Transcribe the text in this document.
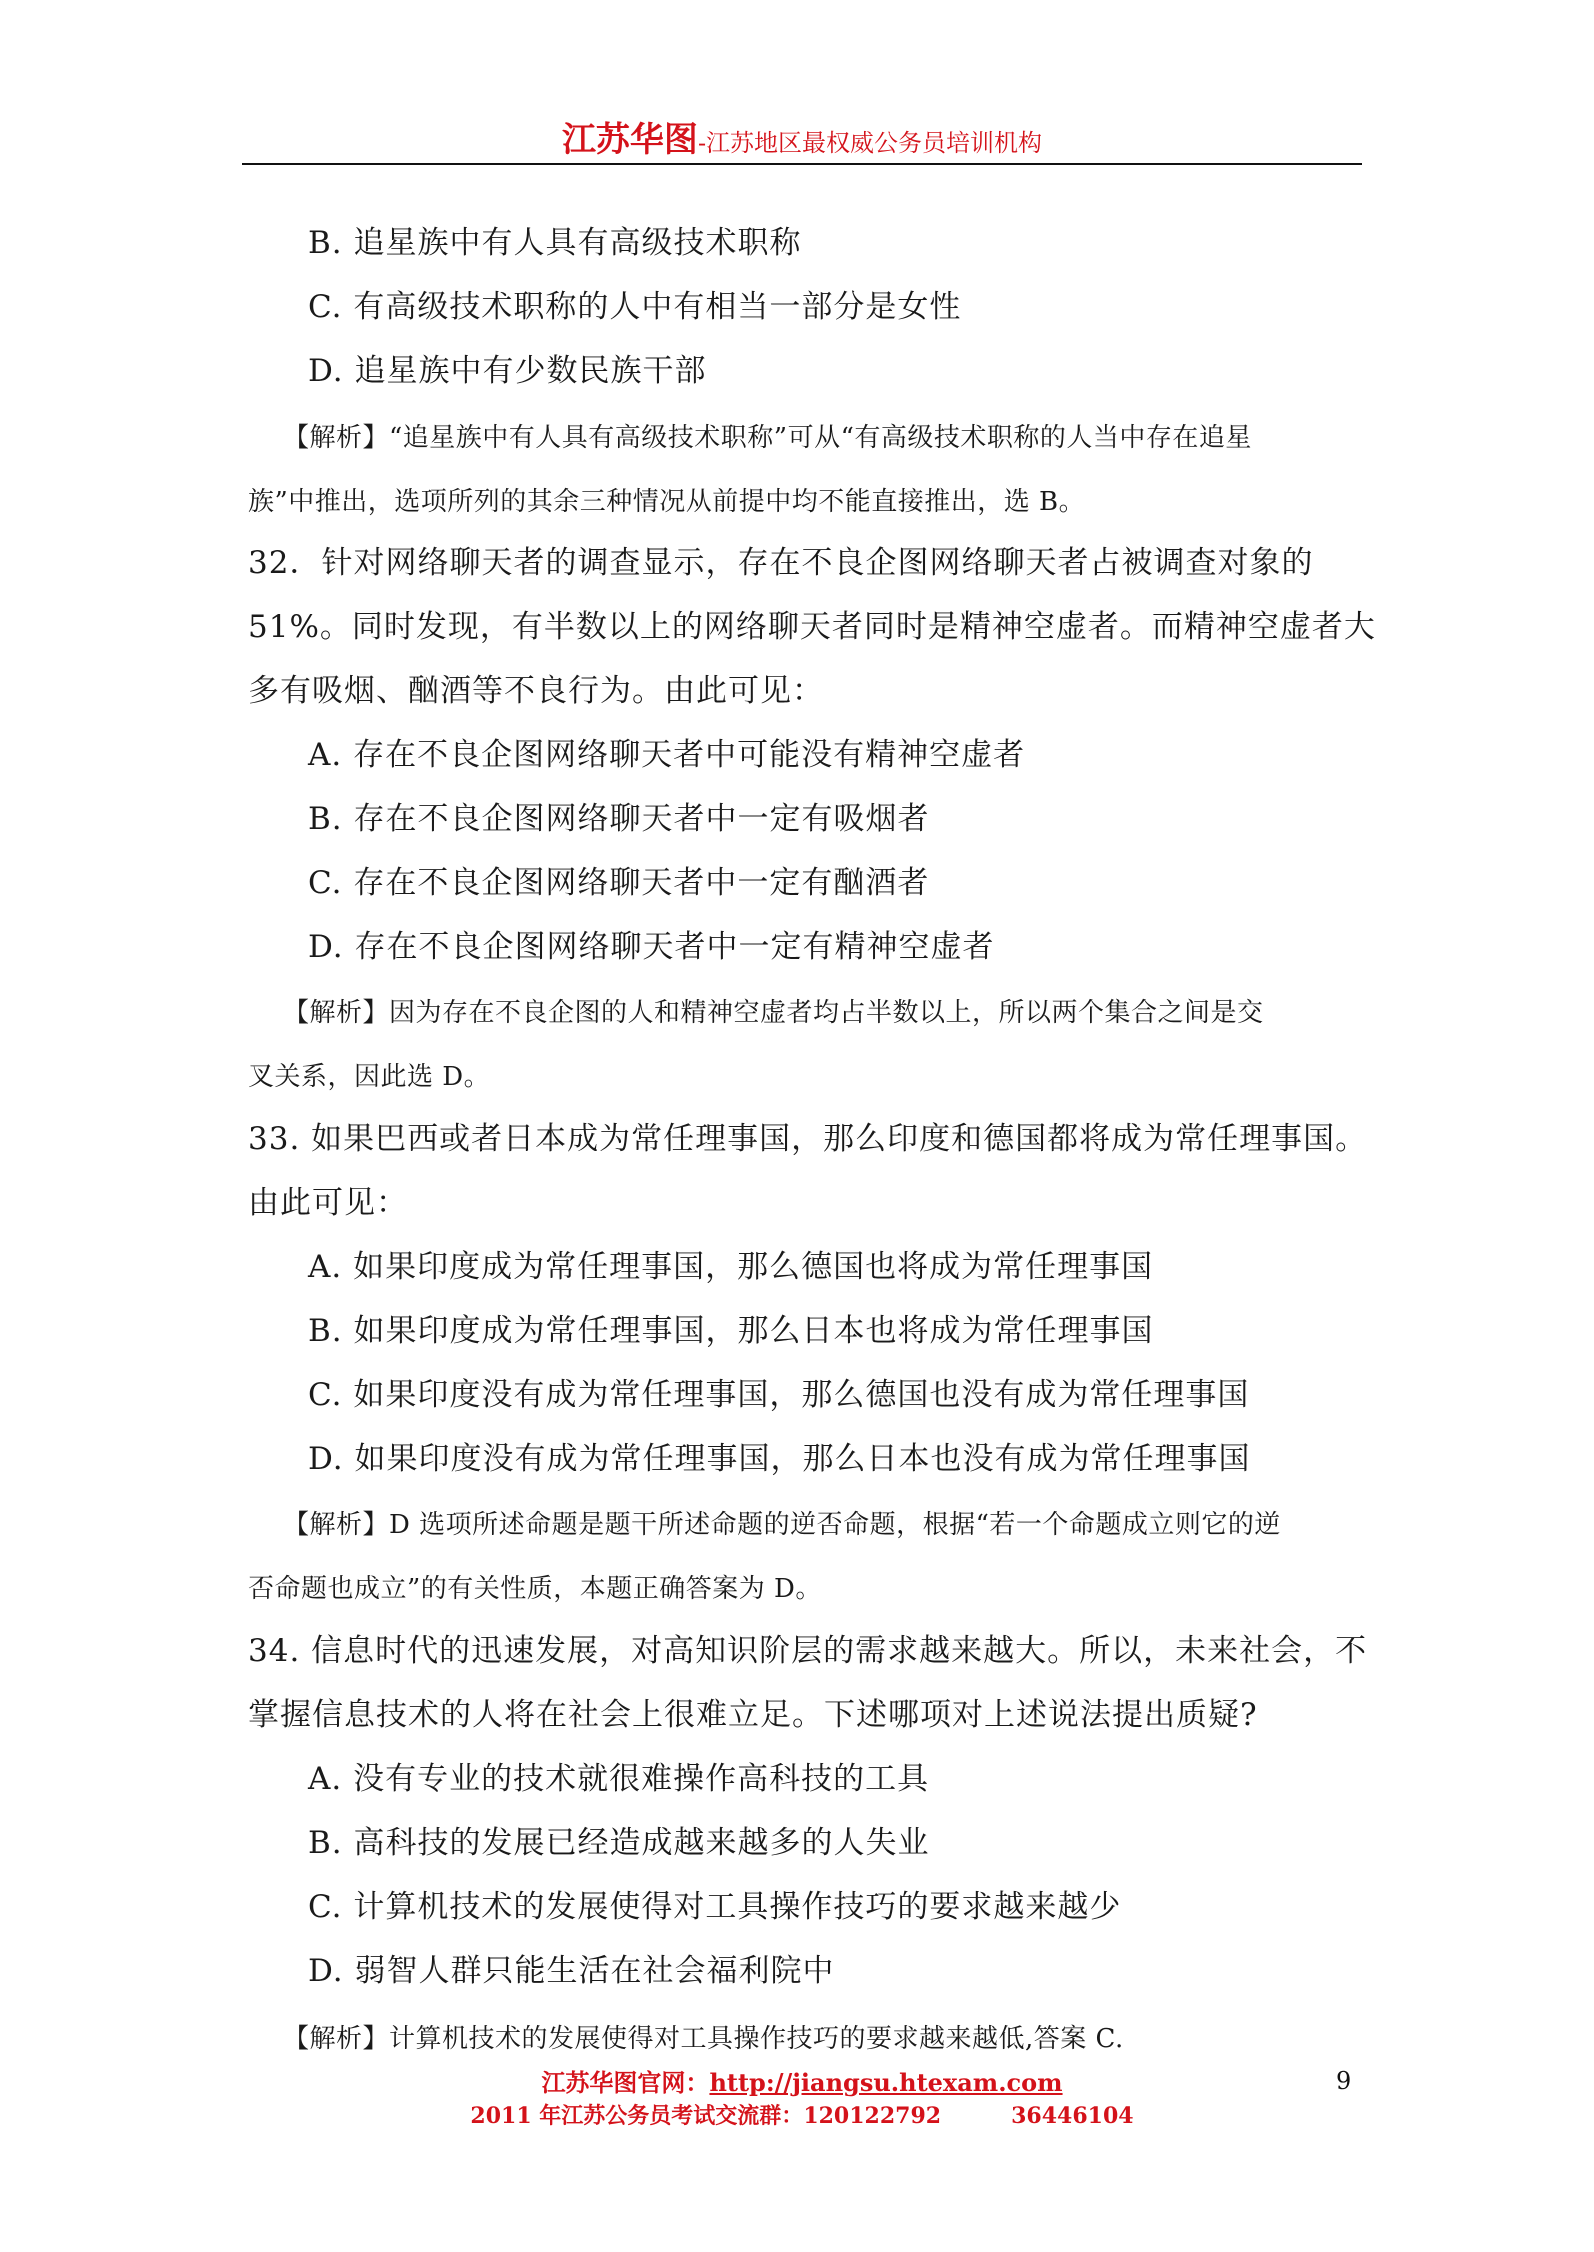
江苏华图-江苏地区最权威公务员培训机构
B. 追星族中有人具有高级技术职称
C. 有高级技术职称的人中有相当一部分是女性
D. 追星族中有少数民族干部
【解析】“追星族中有人具有高级技术职称”可从“有高级技术职称的人当中存在追星
族”中推出，选项所列的其余三种情况从前提中均不能直接推出，选 B。
32．针对网络聊天者的调查显示，存在不良企图网络聊天者占被调查对象的
51%。同时发现，有半数以上的网络聊天者同时是精神空虚者。而精神空虚者大
多有吸烟、酗酒等不良行为。由此可见：
A. 存在不良企图网络聊天者中可能没有精神空虚者
B. 存在不良企图网络聊天者中一定有吸烟者
C. 存在不良企图网络聊天者中一定有酗酒者
D. 存在不良企图网络聊天者中一定有精神空虚者
【解析】因为存在不良企图的人和精神空虚者均占半数以上，所以两个集合之间是交
叉关系，因此选 D。
33. 如果巴西或者日本成为常任理事国，那么印度和德国都将成为常任理事国。
由此可见：
A. 如果印度成为常任理事国，那么德国也将成为常任理事国
B. 如果印度成为常任理事国，那么日本也将成为常任理事国
C. 如果印度没有成为常任理事国，那么德国也没有成为常任理事国
D. 如果印度没有成为常任理事国，那么日本也没有成为常任理事国
【解析】D 选项所述命题是题干所述命题的逆否命题，根据“若一个命题成立则它的逆
否命题也成立”的有关性质，本题正确答案为 D。
34. 信息时代的迅速发展，对高知识阶层的需求越来越大。所以，未来社会，不
掌握信息技术的人将在社会上很难立足。下述哪项对上述说法提出质疑?
A. 没有专业的技术就很难操作高科技的工具
B. 高科技的发展已经造成越来越多的人失业
C. 计算机技术的发展使得对工具操作技巧的要求越来越少
D. 弱智人群只能生活在社会福利院中
【解析】计算机技术的发展使得对工具操作技巧的要求越来越低,答案 C.
江苏华图官网：http://jiangsu.htexam.com
2011 年江苏公务员考试交流群：120122792	36446104
9
